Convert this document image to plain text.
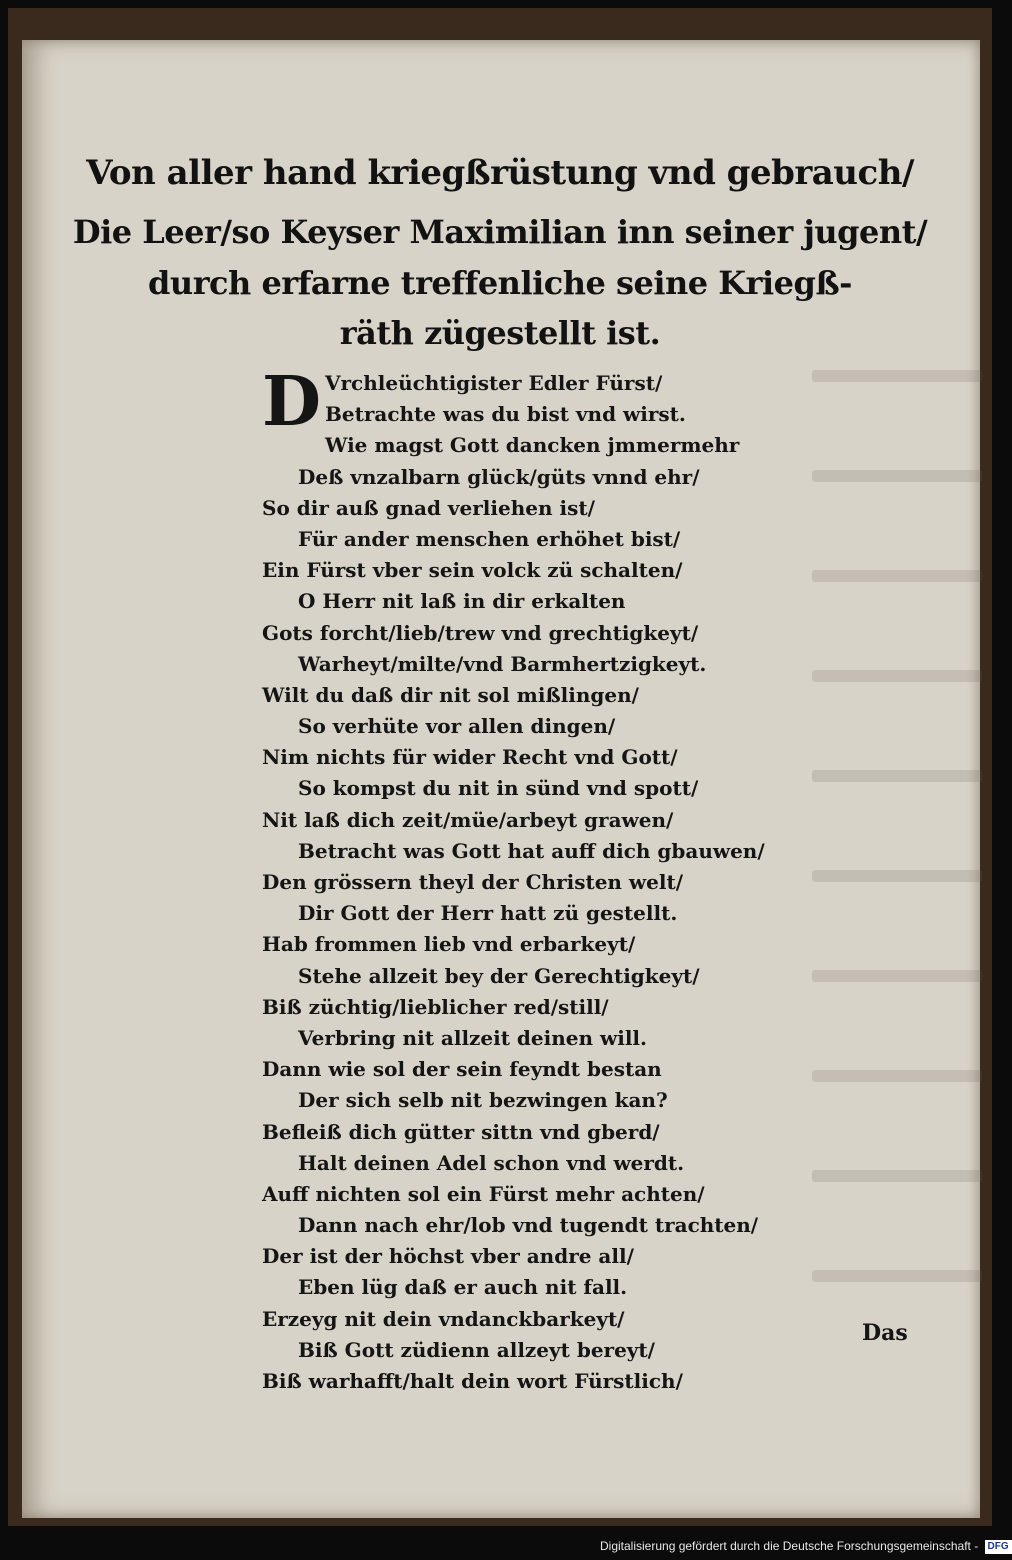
Von aller hand kriegßrüstung vnd gebrauch/
Die Leer/so Keyser Maximilian inn seiner jugent/
durch erfarne treffenliche seine Kriegß-
räth zügestellt ist.
D Vrchleüchtigister Edler Fürst/
Betrachte was du bist vnd wirst.
Wie magst Gott dancken jmmermehr
Deß vnzalbarn glück/güts vnnd ehr/
So dir auß gnad verliehen ist/
Für ander menschen erhöhet bist/
Ein Fürst vber sein volck zü schalten/
O Herr nit laß in dir erkalten
Gots forcht/lieb/trew vnd grechtigkeyt/
Warheyt/milte/vnd Barmhertzigkeyt.
Wilt du daß dir nit sol mißlingen/
So verhüte vor allen dingen/
Nim nichts für wider Recht vnd Gott/
So kompst du nit in sünd vnd spott/
Nit laß dich zeit/müe/arbeyt grawen/
Betracht was Gott hat auff dich gbauwen/
Den grössern theyl der Christen welt/
Dir Gott der Herr hatt zü gestellt.
Hab frommen lieb vnd erbarkeyt/
Stehe allzeit bey der Gerechtigkeyt/
Biß züchtig/lieblicher red/still/
Verbring nit allzeit deinen will.
Dann wie sol der sein feyndt bestan
Der sich selb nit bezwingen kan?
Befleiß dich gütter sittn vnd gberd/
Halt deinen Adel schon vnd werdt.
Auff nichten sol ein Fürst mehr achten/
Dann nach ehr/lob vnd tugendt trachten/
Der ist der höchst vber andre all/
Eben lüg daß er auch nit fall.
Erzeyg nit dein vndanckbarkeyt/
Biß Gott züdienn allzeyt bereyt/
Biß warhafft/halt dein wort Fürstlich/
Das
Digitalisierung gefördert durch die Deutsche Forschungsgemeinschaft - DFG
